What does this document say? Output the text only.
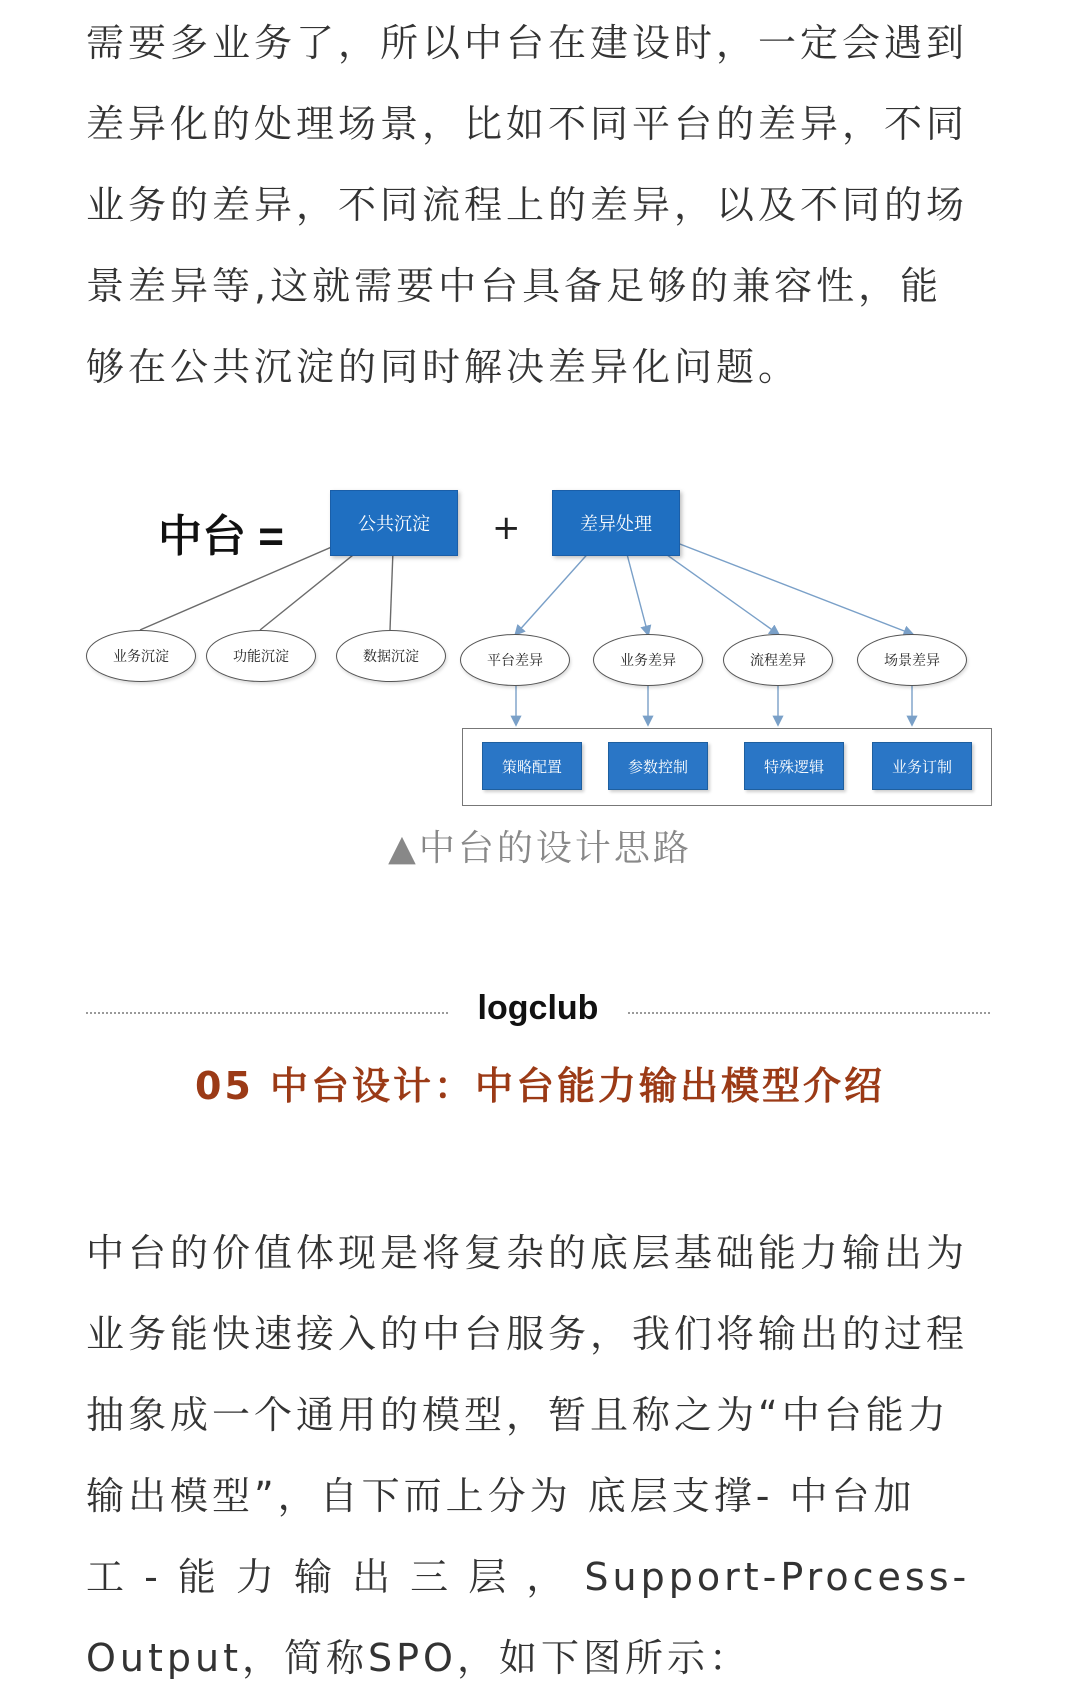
需要多业务了，所以中台在建设时，一定会遇到
差异化的处理场景，比如不同平台的差异，不同
业务的差异，不同流程上的差异，以及不同的场
景差异等,这就需要中台具备足够的兼容性，能
够在公共沉淀的同时解决差异化问题。
中台 =	公共沉淀	+	差异处理
业务沉淀	功能沉淀	数据沉淀	平台差异	业务差异	流程差异	场景差异
策略配置	参数控制	特殊逻辑	业务订制
▲中台的设计思路
logclub
05 中台设计：中台能力输出模型介绍
中台的价值体现是将复杂的底层基础能力输出为
业务能快速接入的中台服务，我们将输出的过程
抽象成一个通用的模型，暂且称之为“中台能力
输出模型”，自下而上分为 底层支撑- 中台加
工 - 能 力 输 出 三 层 ， Support-Process-
Output，简称SPO，如下图所示：
